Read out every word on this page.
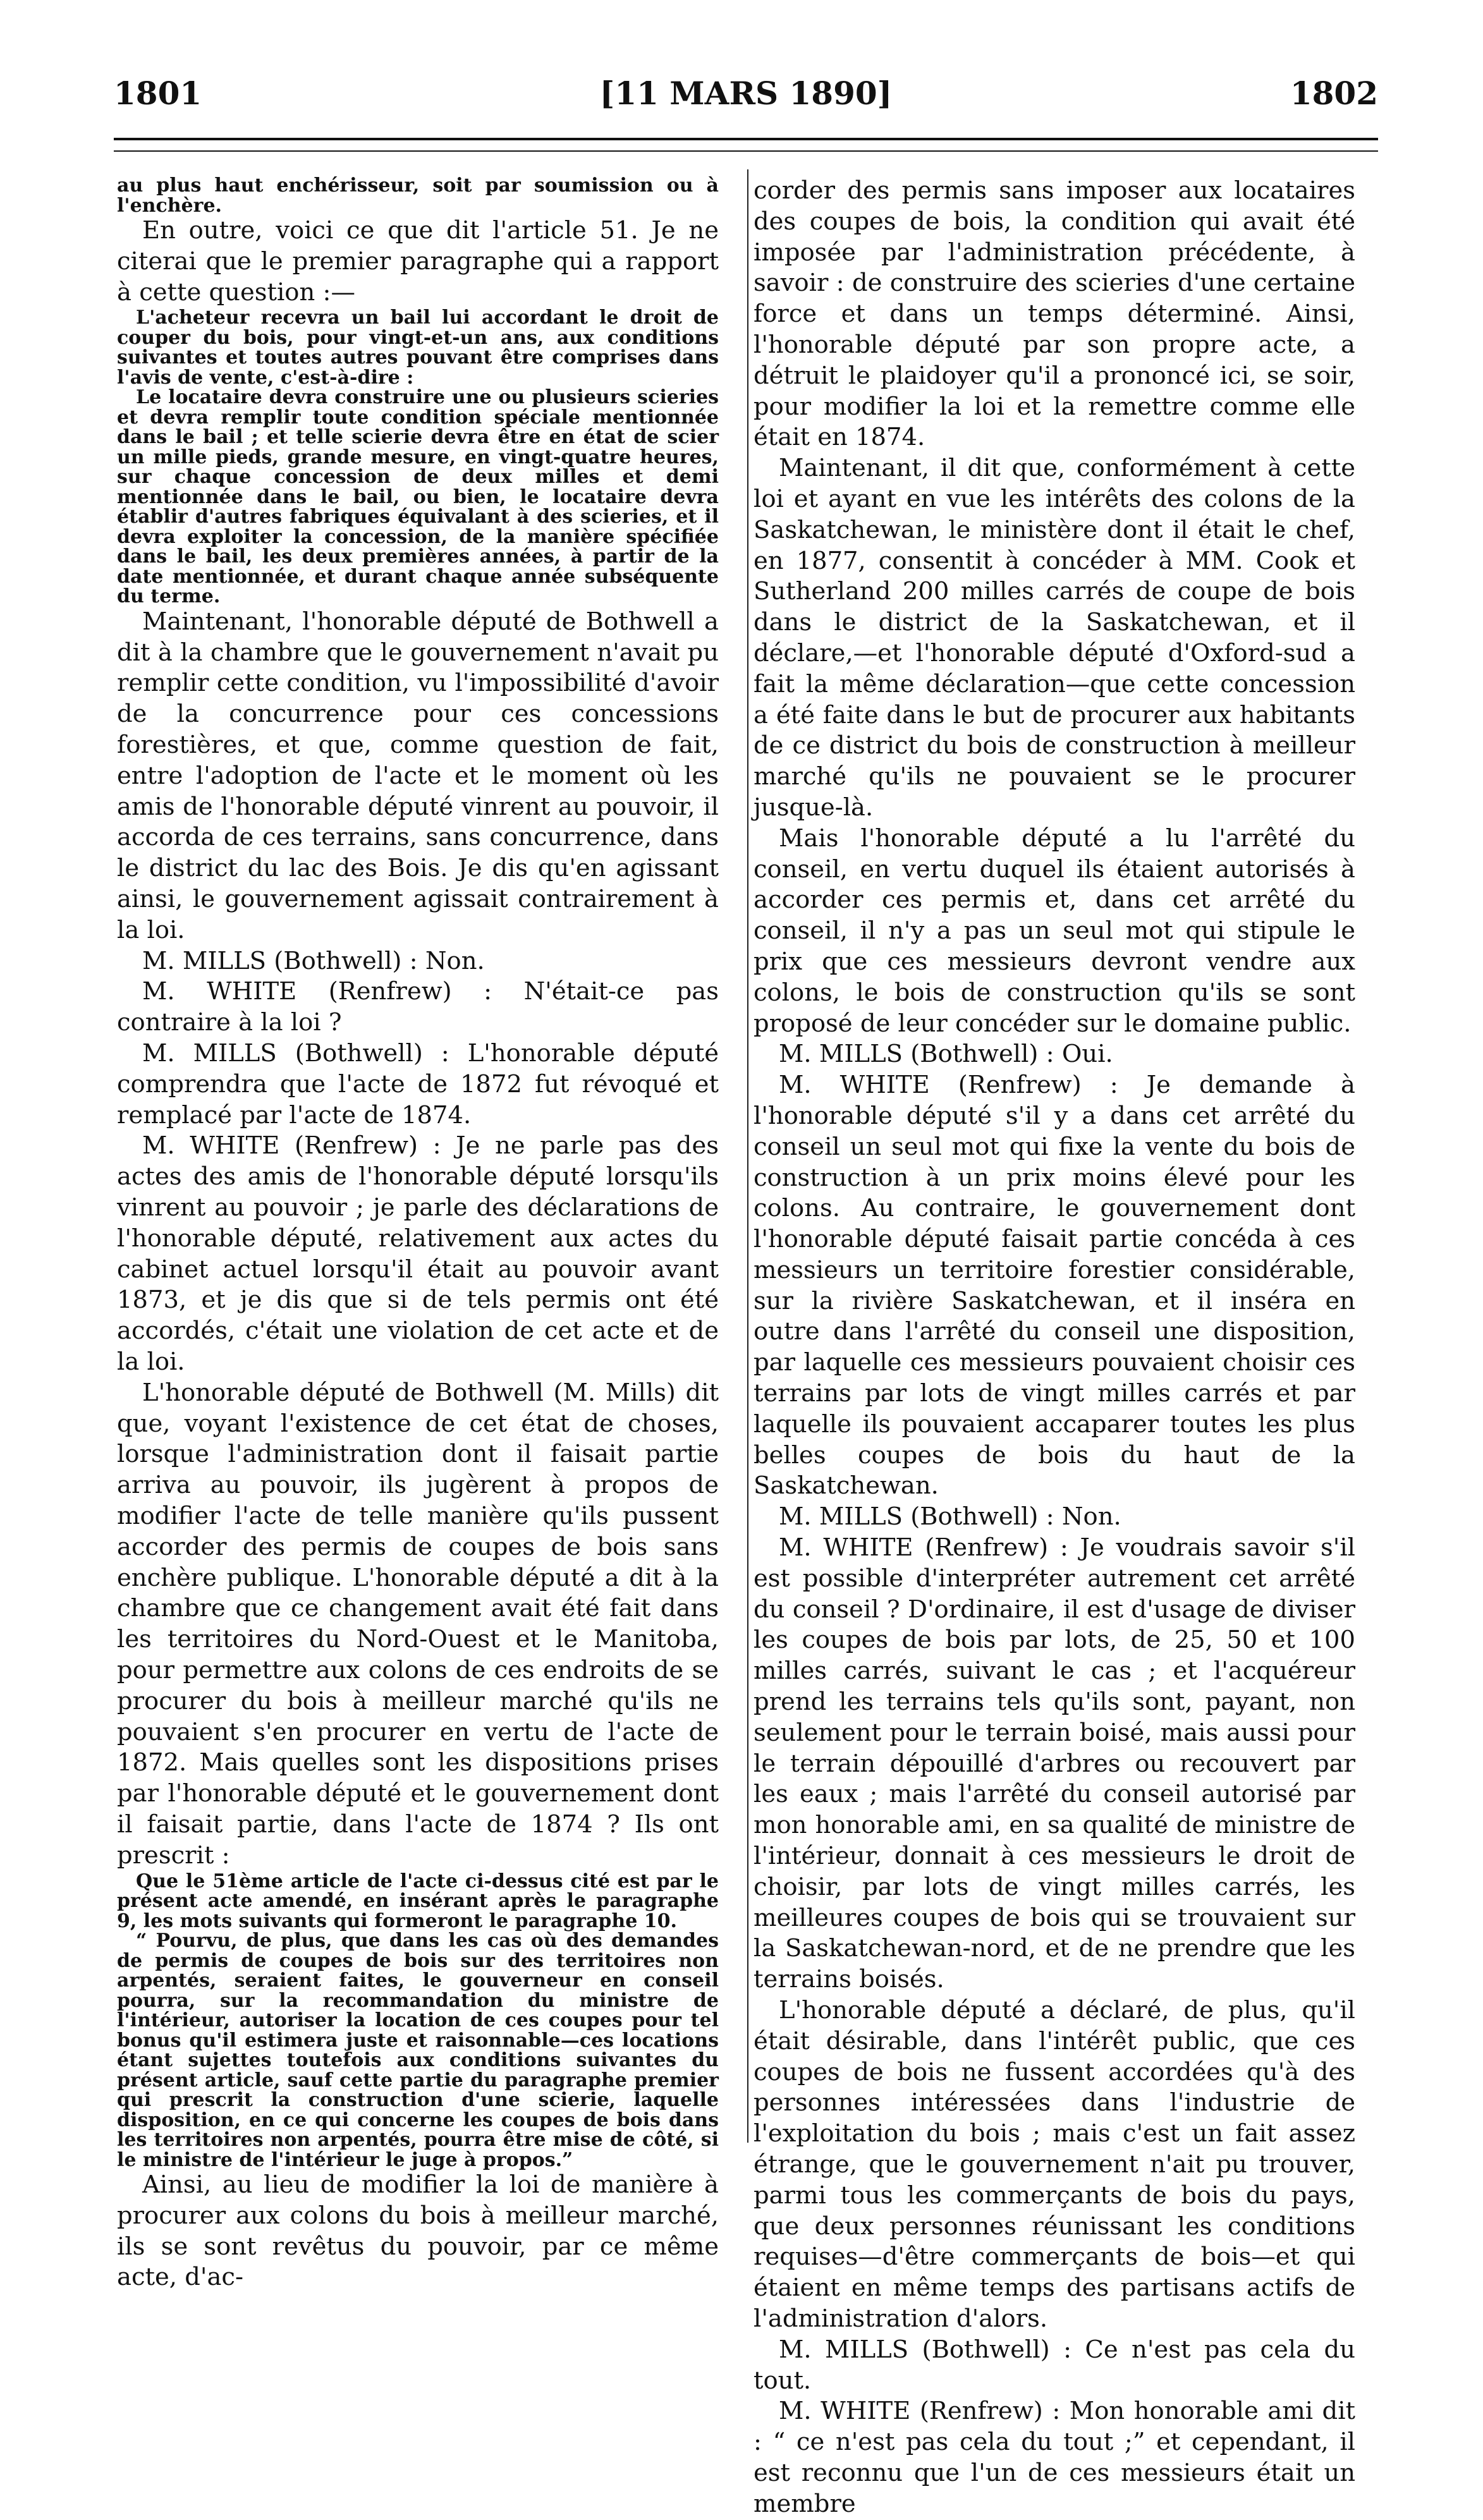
1801	[11 MARS 1890]	1802

au plus haut enchérisseur, soit par soumission ou à l'enchère.

En outre, voici ce que dit l'article 51. Je ne citerai que le premier paragraphe qui a rapport à cette question :—

L'acheteur recevra un bail lui accordant le droit de couper du bois, pour vingt-et-un ans, aux conditions suivantes et toutes autres pouvant être comprises dans l'avis de vente, c'est-à-dire :

Le locataire devra construire une ou plusieurs scieries et devra remplir toute condition spéciale mentionnée dans le bail ; et telle scierie devra être en état de scier un mille pieds, grande mesure, en vingt-quatre heures, sur chaque concession de deux milles et demi mentionnée dans le bail, ou bien, le locataire devra établir d'autres fabriques équivalant à des scieries, et il devra exploiter la concession, de la manière spécifiée dans le bail, les deux premières années, à partir de la date mentionnée, et durant chaque année subséquente du terme.

Maintenant, l'honorable député de Bothwell a dit à la chambre que le gouvernement n'avait pu remplir cette condition, vu l'impossibilité d'avoir de la concurrence pour ces concessions forestières, et que, comme question de fait, entre l'adoption de l'acte et le moment où les amis de l'honorable député vinrent au pouvoir, il accorda de ces terrains, sans concurrence, dans le district du lac des Bois. Je dis qu'en agissant ainsi, le gouvernement agissait contrairement à la loi.

M. MILLS (Bothwell) : Non.

M. WHITE (Renfrew) : N'était-ce pas contraire à la loi ?

M. MILLS (Bothwell) : L'honorable député comprendra que l'acte de 1872 fut révoqué et remplacé par l'acte de 1874.

M. WHITE (Renfrew) : Je ne parle pas des actes des amis de l'honorable député lorsqu'ils vinrent au pouvoir ; je parle des déclarations de l'honorable député, relativement aux actes du cabinet actuel lorsqu'il était au pouvoir avant 1873, et je dis que si de tels permis ont été accordés, c'était une violation de cet acte et de la loi.

L'honorable député de Bothwell (M. Mills) dit que, voyant l'existence de cet état de choses, lorsque l'administration dont il faisait partie arriva au pouvoir, ils jugèrent à propos de modifier l'acte de telle manière qu'ils pussent accorder des permis de coupes de bois sans enchère publique. L'honorable député a dit à la chambre que ce changement avait été fait dans les territoires du Nord-Ouest et le Manitoba, pour permettre aux colons de ces endroits de se procurer du bois à meilleur marché qu'ils ne pouvaient s'en procurer en vertu de l'acte de 1872. Mais quelles sont les dispositions prises par l'honorable député et le gouvernement dont il faisait partie, dans l'acte de 1874 ? Ils ont prescrit :

Que le 51ème article de l'acte ci-dessus cité est par le présent acte amendé, en insérant après le paragraphe 9, les mots suivants qui formeront le paragraphe 10.

“ Pourvu, de plus, que dans les cas où des demandes de permis de coupes de bois sur des territoires non arpentés, seraient faites, le gouverneur en conseil pourra, sur la recommandation du ministre de l'intérieur, autoriser la location de ces coupes pour tel bonus qu'il estimera juste et raisonnable—ces locations étant sujettes toutefois aux conditions suivantes du présent article, sauf cette partie du paragraphe premier qui prescrit la construction d'une scierie, laquelle disposition, en ce qui concerne les coupes de bois dans les territoires non arpentés, pourra être mise de côté, si le ministre de l'intérieur le juge à propos.”

Ainsi, au lieu de modifier la loi de manière à procurer aux colons du bois à meilleur marché, ils se sont revêtus du pouvoir, par ce même acte, d'ac-

corder des permis sans imposer aux locataires des coupes de bois, la condition qui avait été imposée par l'administration précédente, à savoir : de construire des scieries d'une certaine force et dans un temps déterminé. Ainsi, l'honorable député par son propre acte, a détruit le plaidoyer qu'il a prononcé ici, se soir, pour modifier la loi et la remettre comme elle était en 1874.

Maintenant, il dit que, conformément à cette loi et ayant en vue les intérêts des colons de la Saskatchewan, le ministère dont il était le chef, en 1877, consentit à concéder à MM. Cook et Sutherland 200 milles carrés de coupe de bois dans le district de la Saskatchewan, et il déclare,—et l'honorable député d'Oxford-sud a fait la même déclaration—que cette concession a été faite dans le but de procurer aux habitants de ce district du bois de construction à meilleur marché qu'ils ne pouvaient se le procurer jusque-là.

Mais l'honorable député a lu l'arrêté du conseil, en vertu duquel ils étaient autorisés à accorder ces permis et, dans cet arrêté du conseil, il n'y a pas un seul mot qui stipule le prix que ces messieurs devront vendre aux colons, le bois de construction qu'ils se sont proposé de leur concéder sur le domaine public.

M. MILLS (Bothwell) : Oui.

M. WHITE (Renfrew) : Je demande à l'honorable député s'il y a dans cet arrêté du conseil un seul mot qui fixe la vente du bois de construction à un prix moins élevé pour les colons. Au contraire, le gouvernement dont l'honorable député faisait partie concéda à ces messieurs un territoire forestier considérable, sur la rivière Saskatchewan, et il inséra en outre dans l'arrêté du conseil une disposition, par laquelle ces messieurs pouvaient choisir ces terrains par lots de vingt milles carrés et par laquelle ils pouvaient accaparer toutes les plus belles coupes de bois du haut de la Saskatchewan.

M. MILLS (Bothwell) : Non.

M. WHITE (Renfrew) : Je voudrais savoir s'il est possible d'interpréter autrement cet arrêté du conseil ? D'ordinaire, il est d'usage de diviser les coupes de bois par lots, de 25, 50 et 100 milles carrés, suivant le cas ; et l'acquéreur prend les terrains tels qu'ils sont, payant, non seulement pour le terrain boisé, mais aussi pour le terrain dépouillé d'arbres ou recouvert par les eaux ; mais l'arrêté du conseil autorisé par mon honorable ami, en sa qualité de ministre de l'intérieur, donnait à ces messieurs le droit de choisir, par lots de vingt milles carrés, les meilleures coupes de bois qui se trouvaient sur la Saskatchewan-nord, et de ne prendre que les terrains boisés.

L'honorable député a déclaré, de plus, qu'il était désirable, dans l'intérêt public, que ces coupes de bois ne fussent accordées qu'à des personnes intéressées dans l'industrie de l'exploitation du bois ; mais c'est un fait assez étrange, que le gouvernement n'ait pu trouver, parmi tous les commerçants de bois du pays, que deux personnes réunissant les conditions requises—d'être commerçants de bois—et qui étaient en même temps des partisans actifs de l'administration d'alors.

M. MILLS (Bothwell) : Ce n'est pas cela du tout.

M. WHITE (Renfrew) : Mon honorable ami dit : “ ce n'est pas cela du tout ;” et cependant, il est reconnu que l'un de ces messieurs était un membre
